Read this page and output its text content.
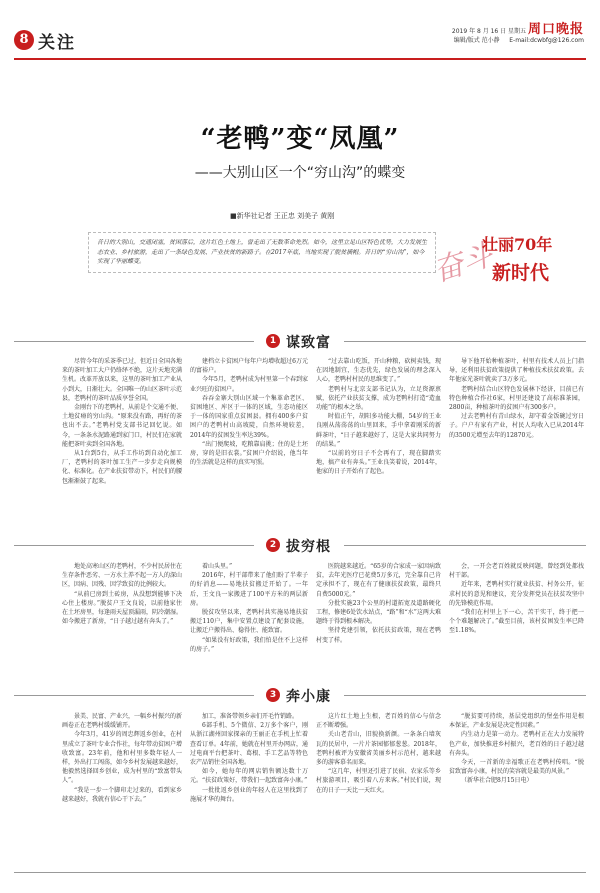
8 关注
2019 年 8 月 16 日 星期五 周口晚报
编辑/版式 范小静 E-mail:dcwbfg@126.com
“老鸭”变“凤凰”
——大别山区一个“穷山沟”的蝶变
■新华社记者 王正忠 刘美子 黄刚
昔日的大别山，交通闭塞，贫困落后，这片红色土地上，曾走出了无数革命先烈。如今，这里立足山区特色优势，大力发展生态农业、乡村旅游，走出了一条绿色发展、产业扶贫的新路子。在2017年底，当地实现了脱贫摘帽。昔日的“穷山沟”，如今实现了华丽蝶变。	奋斗
壮丽70年
新时代
1 谋致富

尽管今年的采茶季已过，但近日全国各地来的茶叶加工大户仍络绎不绝，这片天地充满生机。改革开放以来，这里的茶叶加工产业从小到大，日渐壮大。全国唯一的山区茶叶示范县，老鸭村的茶叶品质享誉全国。

金刚台下的老鸭村，从前是个交通不便、土地贫瘠的穷山沟。“原来没有路，再好的茶也出不去。”老鸭村党支部书记回忆说。如今，一条条水泥路通到家门口，村民们在家就能把茶叶卖到全国各地。

从1台到5台，从手工作坊到自动化加工厂，老鸭村的茶叶加工生产一步步走向规模化、标准化。在产业扶贫带动下，村民们的腰包渐渐鼓了起来。

建档立卡贫困户每年户均增收超过6万元的富裕户。

今年5月，老鸭村成为村里第一个春到家业兴旺的贫困户。

吞吞金寨大别山区域一个集革命老区、贫困地区、库区于一体的区域，生态功能区于一体的国家重点贫困县。拥有400多户贫困户的老鸭村山高坡陡，自然环境较差，2014年的贫困发生率达39%。

“出门便爬坡，吃粮靠肩挑；住的是土坯房，穿的是旧衣裳。”贫困户介绍说，他当年的生活就是这样的真实写照。

“过去靠山吃饭，开山种粮，砍树卖钱，现在因地制宜，生态优先，绿色发展的理念深入人心，老鸭村村民的思维变了。”

老鸭村与北京支部书记认为，立足资源禀赋，依托产业扶贫支撑，成为老鸭村打造“造血功能”的根本之举。

时值正午，胡阳多功能大棚，54岁的王业良刚从荡荡荡的山里回来，手中拿着刚采的新鲜茶叶，“日子越来越好了，这是大家共同努力的结果。”

“以前的穷日子不会再有了，现在脚踏实地，搞产业有奔头。”王业良笑着说，2014年，他家的日子开始有了起色。

导下他开始种植茶叶，村里有技术人员上门指导，还利用扶贫政策提供了种植技术扶贫政策。去年他家光茶叶就卖了3万多元。

老鸭村结合山区特色发展林下经济，目前已有特色种植合作社6家，村里还建设了高标准茶园，2800亩，种植茶叶的贫困户有300多户。

过去老鸭村有青山绿水，却守着金饭碗过穷日子。户户有家有产业，村民人均收入已从2014年的3500元增至去年的12870元。

2 拔穷根

地处高寒山区的老鸭村，不少村民居住在生存条件恶劣、一方水土养不起一方人的深山区，因病、因残、因学致贫的比例较大。

“从前已房到土砖房，从没想到能够下决心住上楼房。”脱贫户王文良说，以前他家住在土坯房里，每逢雨天屋顶漏雨，阴冷潮湿。如今搬进了新房，“日子越过越有奔头了。”

着山头里。”

2016年，村干部带来了他们盼了半辈子的好消息——易地扶贫搬迁开始了。一年后，王文良一家搬进了100平方米的两层新房。

脱贫攻坚以来，老鸭村共实施易地扶贫搬迁110户，集中安置点建设了配套设施，让搬迁户搬得出、稳得住、能致富。

“如果没有好政策，我们怕是住不上这样的房子。”

医院越来越近。“65岁的合家成一家因病致贫，去年光医疗已花费5万多元，完全靠自己肯定承担不了，现在有了健康扶贫政策，最终只自费5000元。”

分批实施23个公里的村道拓宽及道路硬化工程，修建6处饮水站点，“路”和“水”这两大难题终于得到根本解决。

坚持党建引领，依托扶贫政策，现在老鸭村变了样。

会，一开会老百姓就反映问题，曾经到处都找村干部。

近年来，老鸭村实行就业扶贫、村务公开，征求村民的意见和建议，充分发挥党员在扶贫攻坚中的先锋模范作用。

“我们在村里上下一心，苦干实干，终于把一个个难题解决了。”截至目前，该村贫困发生率已降至1.18%。

3 奔小康

景美、民富、产业兴，一幅乡村振兴的新画卷正在老鸭村缓缓铺开。

今年3月，41岁的周忠辉返乡创业，在村里成立了茶叶专业合作社，每年带动贫困户增收致富。23年前，他和村里多数年轻人一样，外出打工闯荡，如今乡村发展越来越好，他毅然选择回乡创业，成为村里的“致富带头人”。

“我是一步一个脚印走过来的，看到家乡越来越好，我就有信心干下去。”

加工，准备带领乡亲们开毛竹销路。

6部手机、5个微信、2万多个客户，刚从浙江湖州回家探亲的王丽正在手机上忙着查看订单。4年前，她就在村里开办网店，通过电商平台把茶叶、葛根、手工艺品等特色农产品销往全国各地。

如今，她每年的网店销售额达数十万元。“扶贫政策好，带我们一起致富奔小康。”

一批批返乡创业的年轻人在这里找到了施展才华的舞台。

这片红土地上生根，老百姓的信心与信念正不断增强。

关山老青山，旧貌换新颜。一条条白墙灰瓦的民居中，一片片茶园郁郁葱葱。2018年，老鸭村被评为安徽省美丽乡村示范村，越来越多的游客慕名而来。

“这几年，村里还引进了民宿、农家乐等乡村旅游项目，吸引着八方来客。”村民们说，现在的日子一天比一天红火。

“脱贫要可持续，基层党组织的堡垒作用是根本保证，产业发展是决定性因素。”

内生动力是第一动力。老鸭村正在大力发展特色产业，加快推进乡村振兴，老百姓的日子越过越有奔头。

今天，一首新的幸福歌正在老鸭村传唱。“脱贫致富奔小康，村民的笑容就是最美的风景。”

（新华社合肥8月15日电）
